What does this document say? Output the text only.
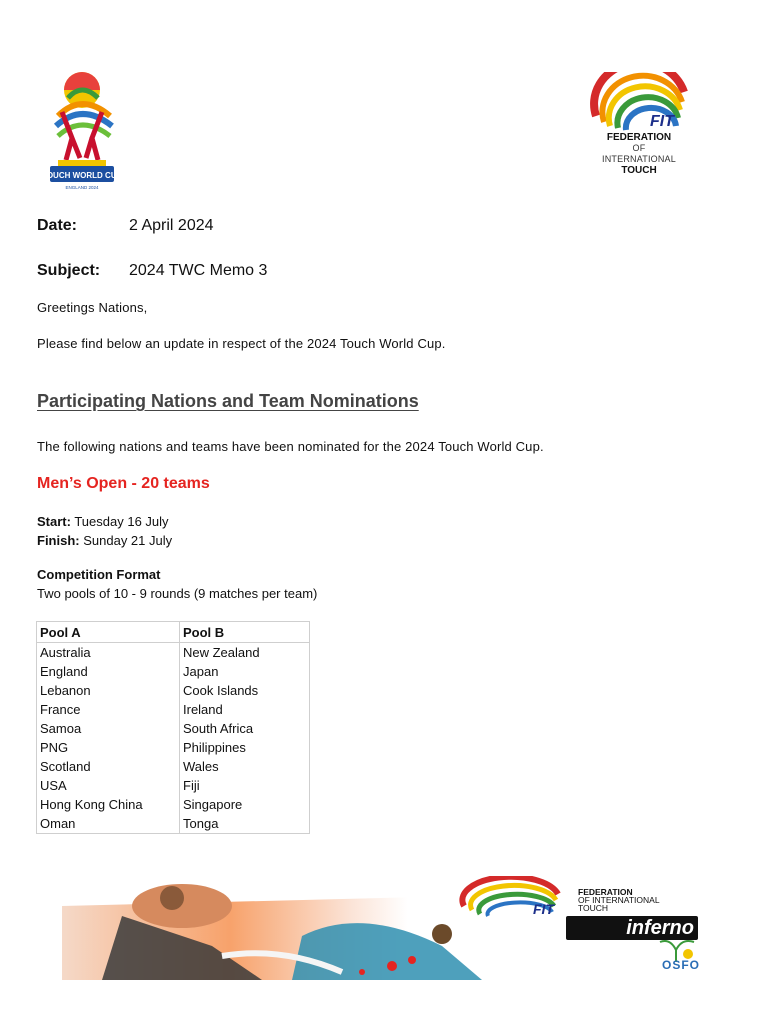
TOUCH WORLD CUP
ENGLAND 2024
FIT
FEDERATION
OF INTERNATIONAL
TOUCH
Date:	2 April 2024
Subject: 2024 TWC Memo 3
Greetings Nations,
Please find below an update in respect of the 2024 Touch World Cup.
Participating Nations and Team Nominations
The following nations and teams have been nominated for the 2024 Touch World Cup.
Men’s Open - 20 teams
Start: Tuesday 16 July
Finish: Sunday 21 July
Competition Format
Two pools of 10 - 9 rounds (9 matches per team)
Pool A	Pool B
Australia	New Zealand
England	Japan
Lebanon	Cook Islands
France	Ireland
Samoa	South Africa
PNG	Philippines
Scotland	Wales
USA	Fiji
Hong Kong China	Singapore
Oman	Tonga
FIT
FEDERATION
OF INTERNATIONAL
TOUCH
inferno
OSFO
